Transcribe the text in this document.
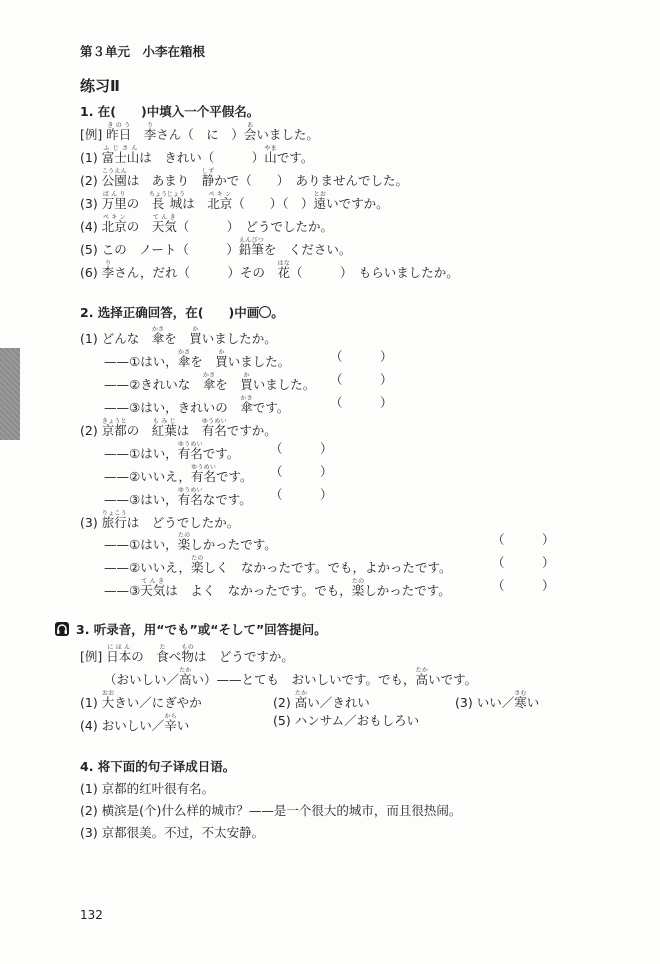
第３单元　 小李在箱根
练习Ⅱ
1. 在(　　)中填入一个平假名。
[例] 昨日きのう　李りさん（　に　）会あいました。
(1) 富士山ふじさんは　きれい（　　　）山やまです。
(2) 公園こうえんは　あまり　静しずかで（　　）　ありませんでした。
(3) 万里ばんりの　長城ちょうじょうは　北京ペキン（　　）（　）遠とおいですか。
(4) 北京ペキンの　天気てんき（　　　）　どうでしたか。
(5) この　ノート（　　　）鉛筆えんぴつを　ください。
(6) 李りさん，だれ（　　　）その　花はな（　　　）　もらいましたか。
2. 选择正确回答，在(　　)中画 。
(1) どんな　傘かさを　買かいましたか。
——①はい，傘かさを　買かいました。	（　　　）
——②きれいな　傘かさを　買かいました。 （　　　）
——③はい，きれいの　傘かさです。	（　　　）
(2) 京都きょうとの　紅葉もみじは　有名ゆうめいですか。
——①はい，有名ゆうめいです。 （　　　）
——②いいえ，有名ゆうめいです。 （　　　）
——③はい，有名ゆうめいなです。 （　　　）
(3) 旅行りょこうは　どうでしたか。
——①はい，楽たのしかったです。	（　　　）
——②いいえ，楽たのしく　なかったです。でも，よかったです。	（　　　）
——③天気てんきは　よく　なかったです。でも，楽たのしかったです。	（　　　）
3. 听录音，用“でも”或“そして”回答提问。
[例] 日本にほんの　食たべ物ものは　どうですか。
（おいしい／高たかい）——とても　おいしいです。でも，高たかいです。
(1) 大おおきい／にぎやか	(2) 高たかい／きれい	(3) いい／寒さむい
(4) おいしい／辛からい	(5) ハンサム／おもしろい
4. 将下面的句子译成日语。
(1) 京都的红叶很有名。
(2) 横滨是(个)什么样的城市？——是一个很大的城市，而且很热闹。
(3) 京都很美。不过，不太安静。
132
